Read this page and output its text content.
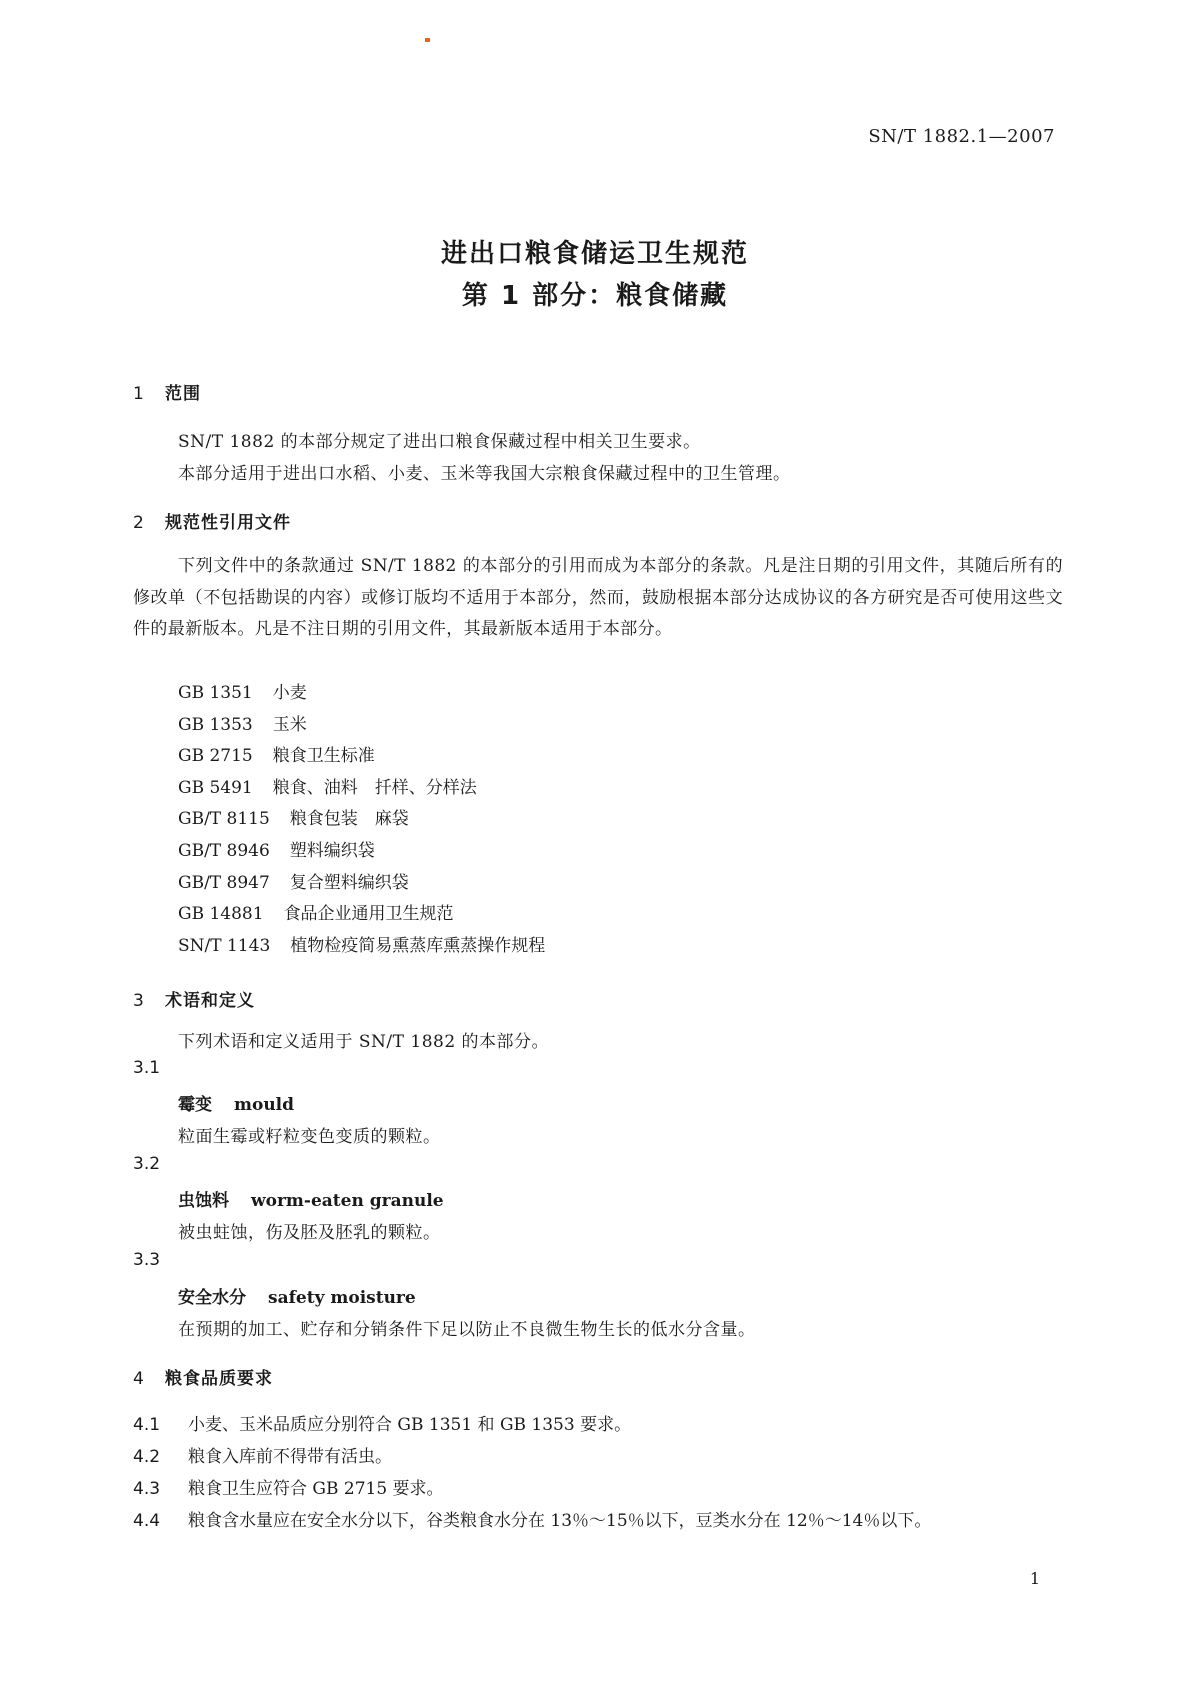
SN/T 1882.1—2007
进出口粮食储运卫生规范
第 1 部分：粮食储藏
1 范围
SN/T 1882 的本部分规定了进出口粮食保藏过程中相关卫生要求。
本部分适用于进出口水稻、小麦、玉米等我国大宗粮食保藏过程中的卫生管理。
2 规范性引用文件
下列文件中的条款通过 SN/T 1882 的本部分的引用而成为本部分的条款。凡是注日期的引用文件，其随后所有的修改单（不包括勘误的内容）或修订版均不适用于本部分，然而，鼓励根据本部分达成协议的各方研究是否可使用这些文件的最新版本。凡是不注日期的引用文件，其最新版本适用于本部分。
GB 1351 小麦
GB 1353 玉米
GB 2715 粮食卫生标准
GB 5491 粮食、油料　扦样、分样法
GB/T 8115 粮食包装　麻袋
GB/T 8946 塑料编织袋
GB/T 8947 复合塑料编织袋
GB 14881 食品企业通用卫生规范
SN/T 1143 植物检疫简易熏蒸库熏蒸操作规程
3 术语和定义
下列术语和定义适用于 SN/T 1882 的本部分。
3.1
霉变 mould
粒面生霉或籽粒变色变质的颗粒。
3.2
虫蚀料 worm-eaten granule
被虫蛀蚀，伤及胚及胚乳的颗粒。
3.3
安全水分 safety moisture
在预期的加工、贮存和分销条件下足以防止不良微生物生长的低水分含量。
4 粮食品质要求
4.1 小麦、玉米品质应分别符合 GB 1351 和 GB 1353 要求。
4.2 粮食入库前不得带有活虫。
4.3 粮食卫生应符合 GB 2715 要求。
4.4 粮食含水量应在安全水分以下，谷类粮食水分在 13％～15％以下，豆类水分在 12％～14％以下。
1
